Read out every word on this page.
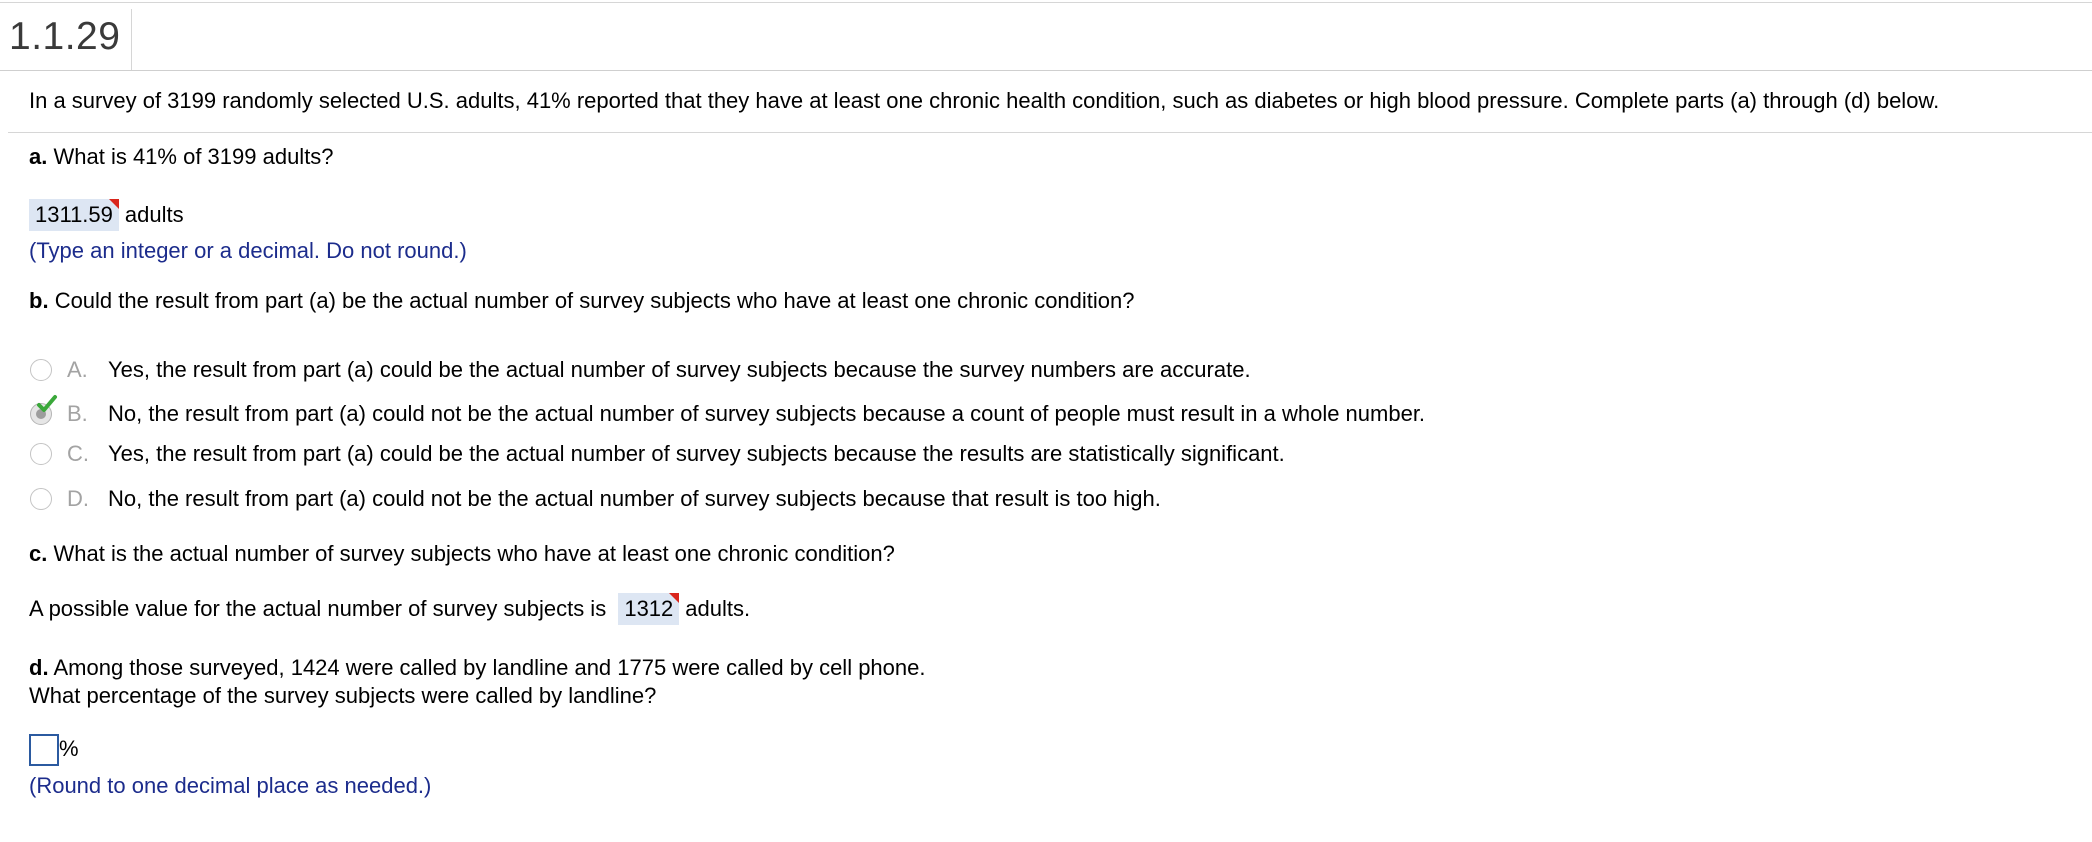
1.1.29
In a survey of 3199 randomly selected U.S. adults, 41% reported that they have at least one chronic health condition, such as diabetes or high blood pressure. Complete parts (a) through (d) below.
a. What is 41% of 3199 adults?
1311.59 adults
(Type an integer or a decimal. Do not round.)
b. Could the result from part (a) be the actual number of survey subjects who have at least one chronic condition?
A. Yes, the result from part (a) could be the actual number of survey subjects because the survey numbers are accurate.
B. No, the result from part (a) could not be the actual number of survey subjects because a count of people must result in a whole number.
C. Yes, the result from part (a) could be the actual number of survey subjects because the results are statistically significant.
D. No, the result from part (a) could not be the actual number of survey subjects because that result is too high.
c. What is the actual number of survey subjects who have at least one chronic condition?
A possible value for the actual number of survey subjects is 1312 adults.
d. Among those surveyed, 1424 were called by landline and 1775 were called by cell phone.
What percentage of the survey subjects were called by landline?
%
(Round to one decimal place as needed.)
